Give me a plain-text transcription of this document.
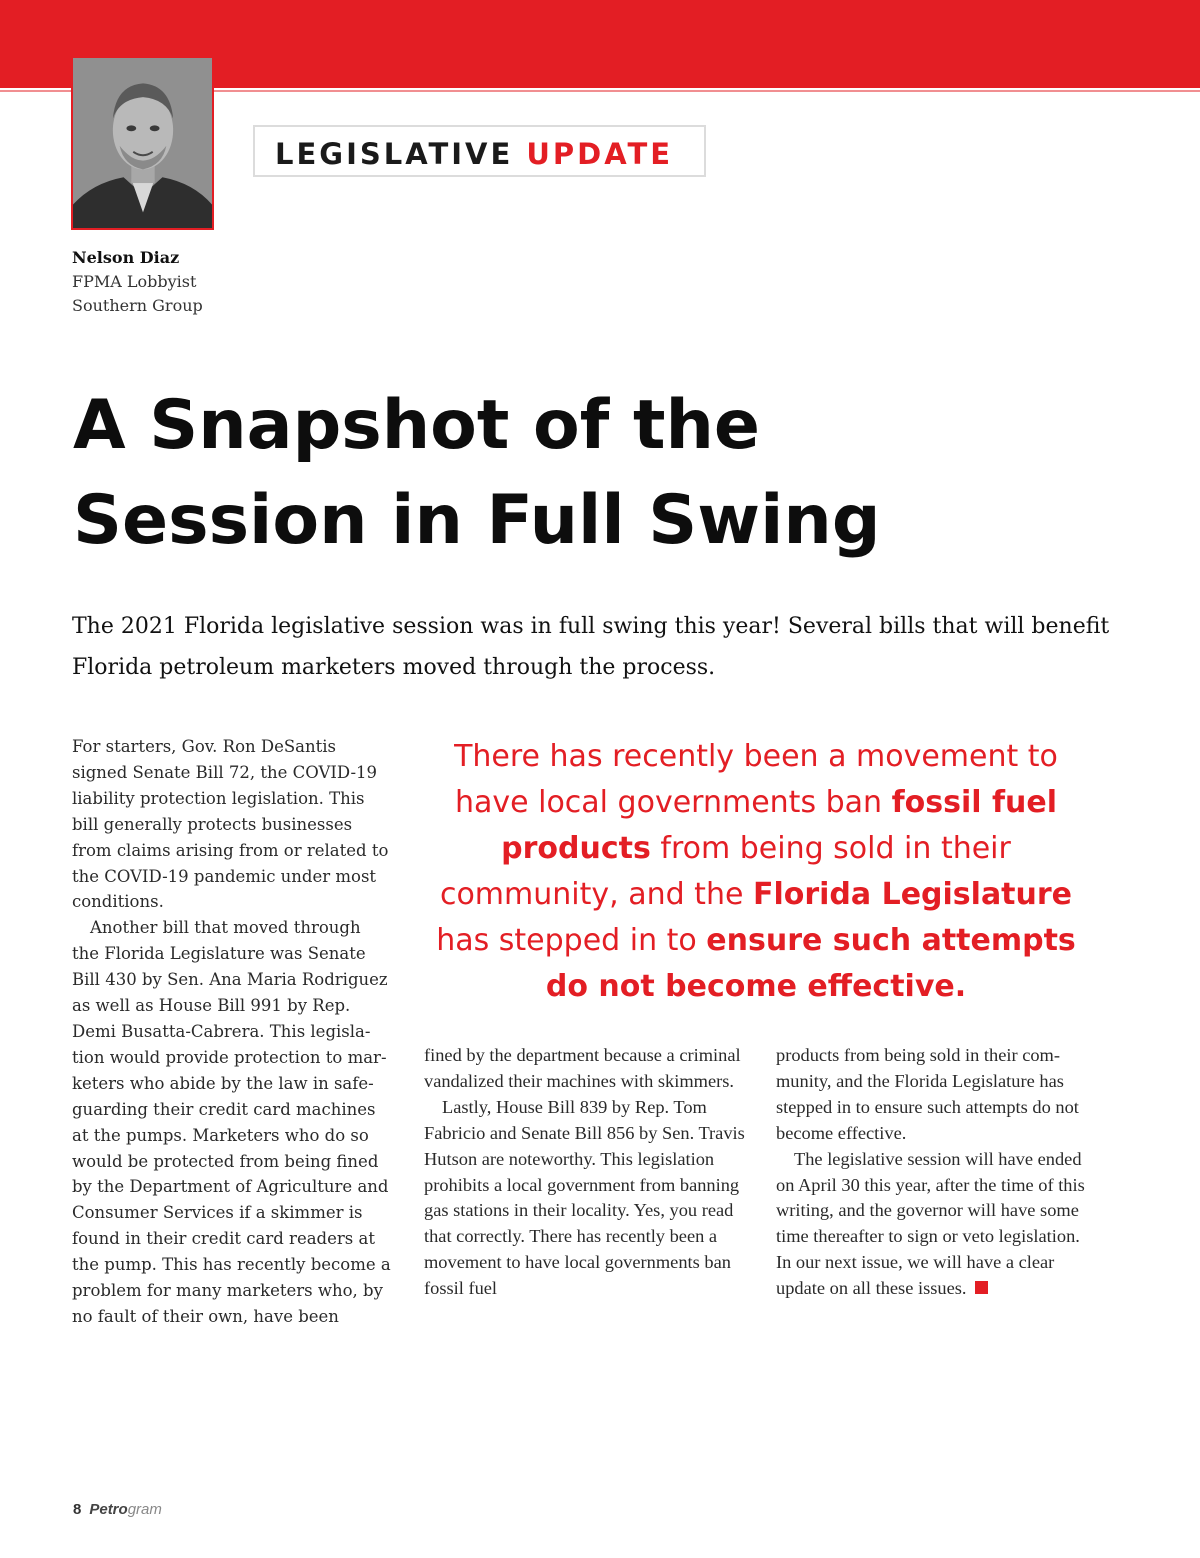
LEGISLATIVE UPDATE
Nelson Diaz
FPMA Lobbyist
Southern Group
A Snapshot of the
Session in Full Swing

The 2021 Florida legislative session was in full swing this year! Several bills that will benefit Florida petroleum marketers moved through the process.

For starters, Gov. Ron DeSantis signed Senate Bill 72, the COVID-19 liability protection legislation. This bill generally protects businesses from claims arising from or related to the COVID-19 pandemic under most conditions.

Another bill that moved through the Florida Legislature was Senate Bill 430 by Sen. Ana Maria Rodriguez as well as House Bill 991 by Rep. Demi Busatta-Cabrera. This legislation would provide protection to marketers who abide by the law in safeguarding their credit card machines at the pumps. Marketers who do so would be protected from being fined by the Department of Agriculture and Consumer Services if a skimmer is found in their credit card readers at the pump. This has recently become a problem for many marketers who, by no fault of their own, have been

There has recently been a movement to have local governments ban fossil fuel products from being sold in their community, and the Florida Legislature has stepped in to ensure such attempts do not become effective.

fined by the department because a criminal vandalized their machines with skimmers.

Lastly, House Bill 839 by Rep. Tom Fabricio and Senate Bill 856 by Sen. Travis Hutson are noteworthy. This legislation prohibits a local government from banning gas stations in their locality. Yes, you read that correctly. There has recently been a movement to have local governments ban fossil fuel

products from being sold in their community, and the Florida Legislature has stepped in to ensure such attempts do not become effective.

The legislative session will have ended on April 30 this year, after the time of this writing, and the governor will have some time thereafter to sign or veto legislation. In our next issue, we will have a clear update on all these issues.

8 Petrogram
